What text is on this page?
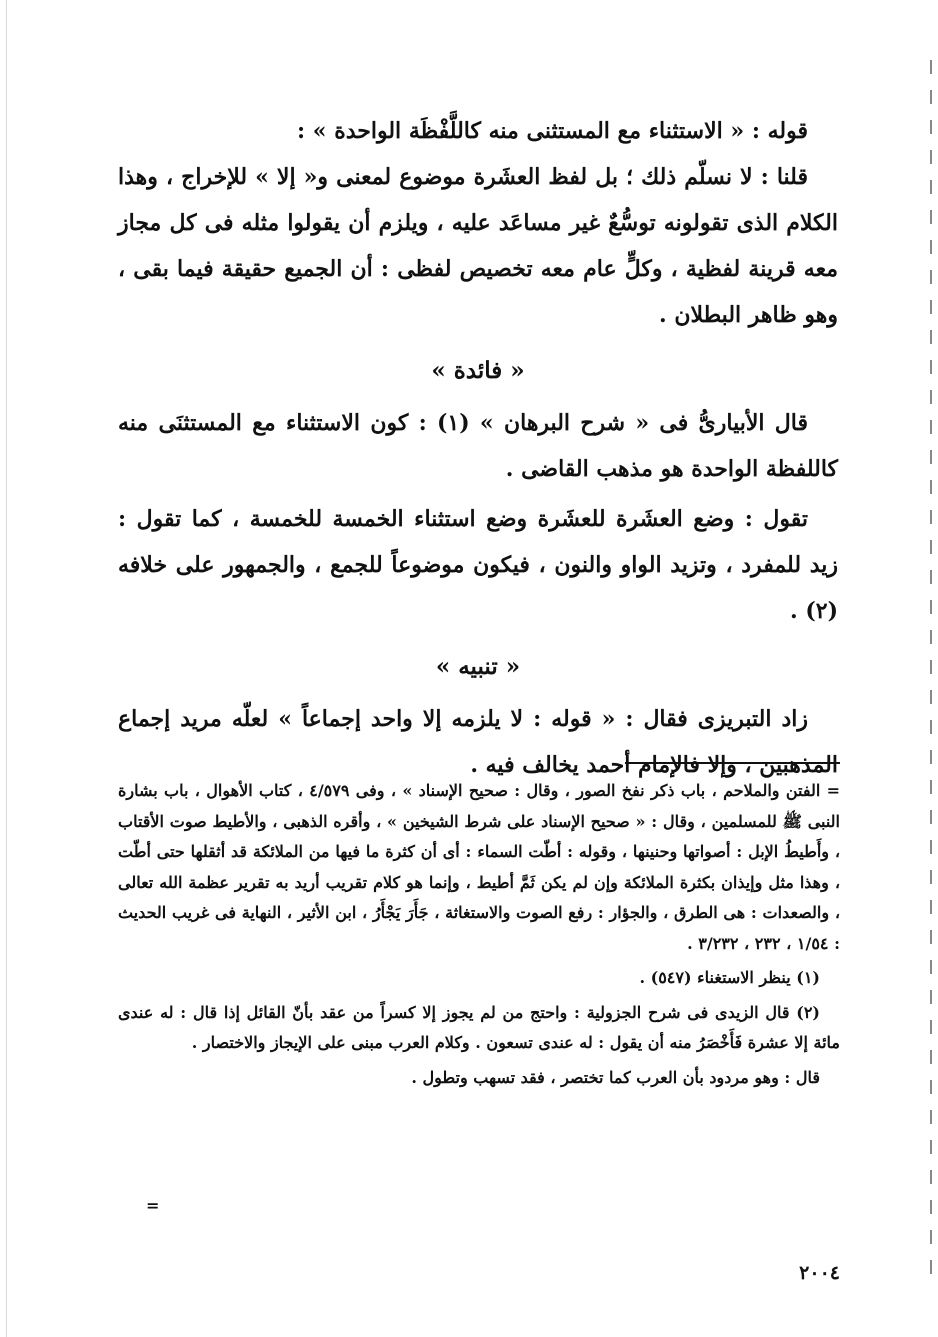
قوله : « الاستثناء مع المستثنى منه كاللَّفْظَة الواحدة » :

قلنا : لا نسلّم ذلك ؛ بل لفظ العشَرة موضوع لمعنى و« إلا » للإخراج ، وهذا الكلام الذى تقولونه توسُّعٌ غير مساعَد عليه ، ويلزم أن يقولوا مثله فى كل مجاز معه قرينة لفظية ، وكلٍّ عام معه تخصيص لفظى : أن الجميع حقيقة فيما بقى ، وهو ظاهر البطلان .

« فائدة »

قال الأبيارىُّ فى « شرح البرهان » (١) : كون الاستثناء مع المستثنَى منه كاللفظة الواحدة هو مذهب القاضى .

تقول : وضع العشَرة للعشَرة وضع استثناء الخمسة للخمسة ، كما تقول : زيد للمفرد ، وتزيد الواو والنون ، فيكون موضوعاً للجمع ، والجمهور على خلافه (٢) .

« تنبيه »

زاد التبريزى فقال : « قوله : لا يلزمه إلا واحد إجماعاً » لعلّه مريد إجماع المذهبين ، وإلا فالإمام أحمد يخالف فيه .

= الفتن والملاحم ، باب ذكر نفخ الصور ، وقال : صحيح الإسناد » ، وفى ٤/٥٧٩ ، كتاب الأهوال ، باب بشارة النبى ﷺ للمسلمين ، وقال : « صحيح الإسناد على شرط الشيخين » ، وأقره الذهبى ، والأطيط صوت الأقتاب ، وأَطيطُ الإبل : أصواتها وحنينها ، وقوله : أطّت السماء : أى أن كثرة ما فيها من الملائكة قد أثقلها حتى أطّت ، وهذا مثل وإيذان بكثرة الملائكة وإن لم يكن ثَمَّ أطيط ، وإنما هو كلام تقريب أريد به تقرير عظمة الله تعالى ، والصعدات : هى الطرق ، والجؤار : رفع الصوت والاستغاثة ، جَأَرَ يَجْأَرُ ، ابن الأثير ، النهاية فى غريب الحديث : ١/٥٤ ، ٢٣٢ ، ٣/٢٣٢ .

(١) ينظر الاستغناء (٥٤٧) .

(٢) قال الزيدى فى شرح الجزولية : واحتج من لم يجوز إلا كسراً من عقد بأنّ القائل إذا قال : له عندى مائة إلا عشرة فَأَخْصَرُ منه أن يقول : له عندى تسعون . وكلام العرب مبنى على الإيجاز والاختصار .

قال : وهو مردود بأن العرب كما تختصر ، فقد تسهب وتطول .

=
٢٠٠٤
